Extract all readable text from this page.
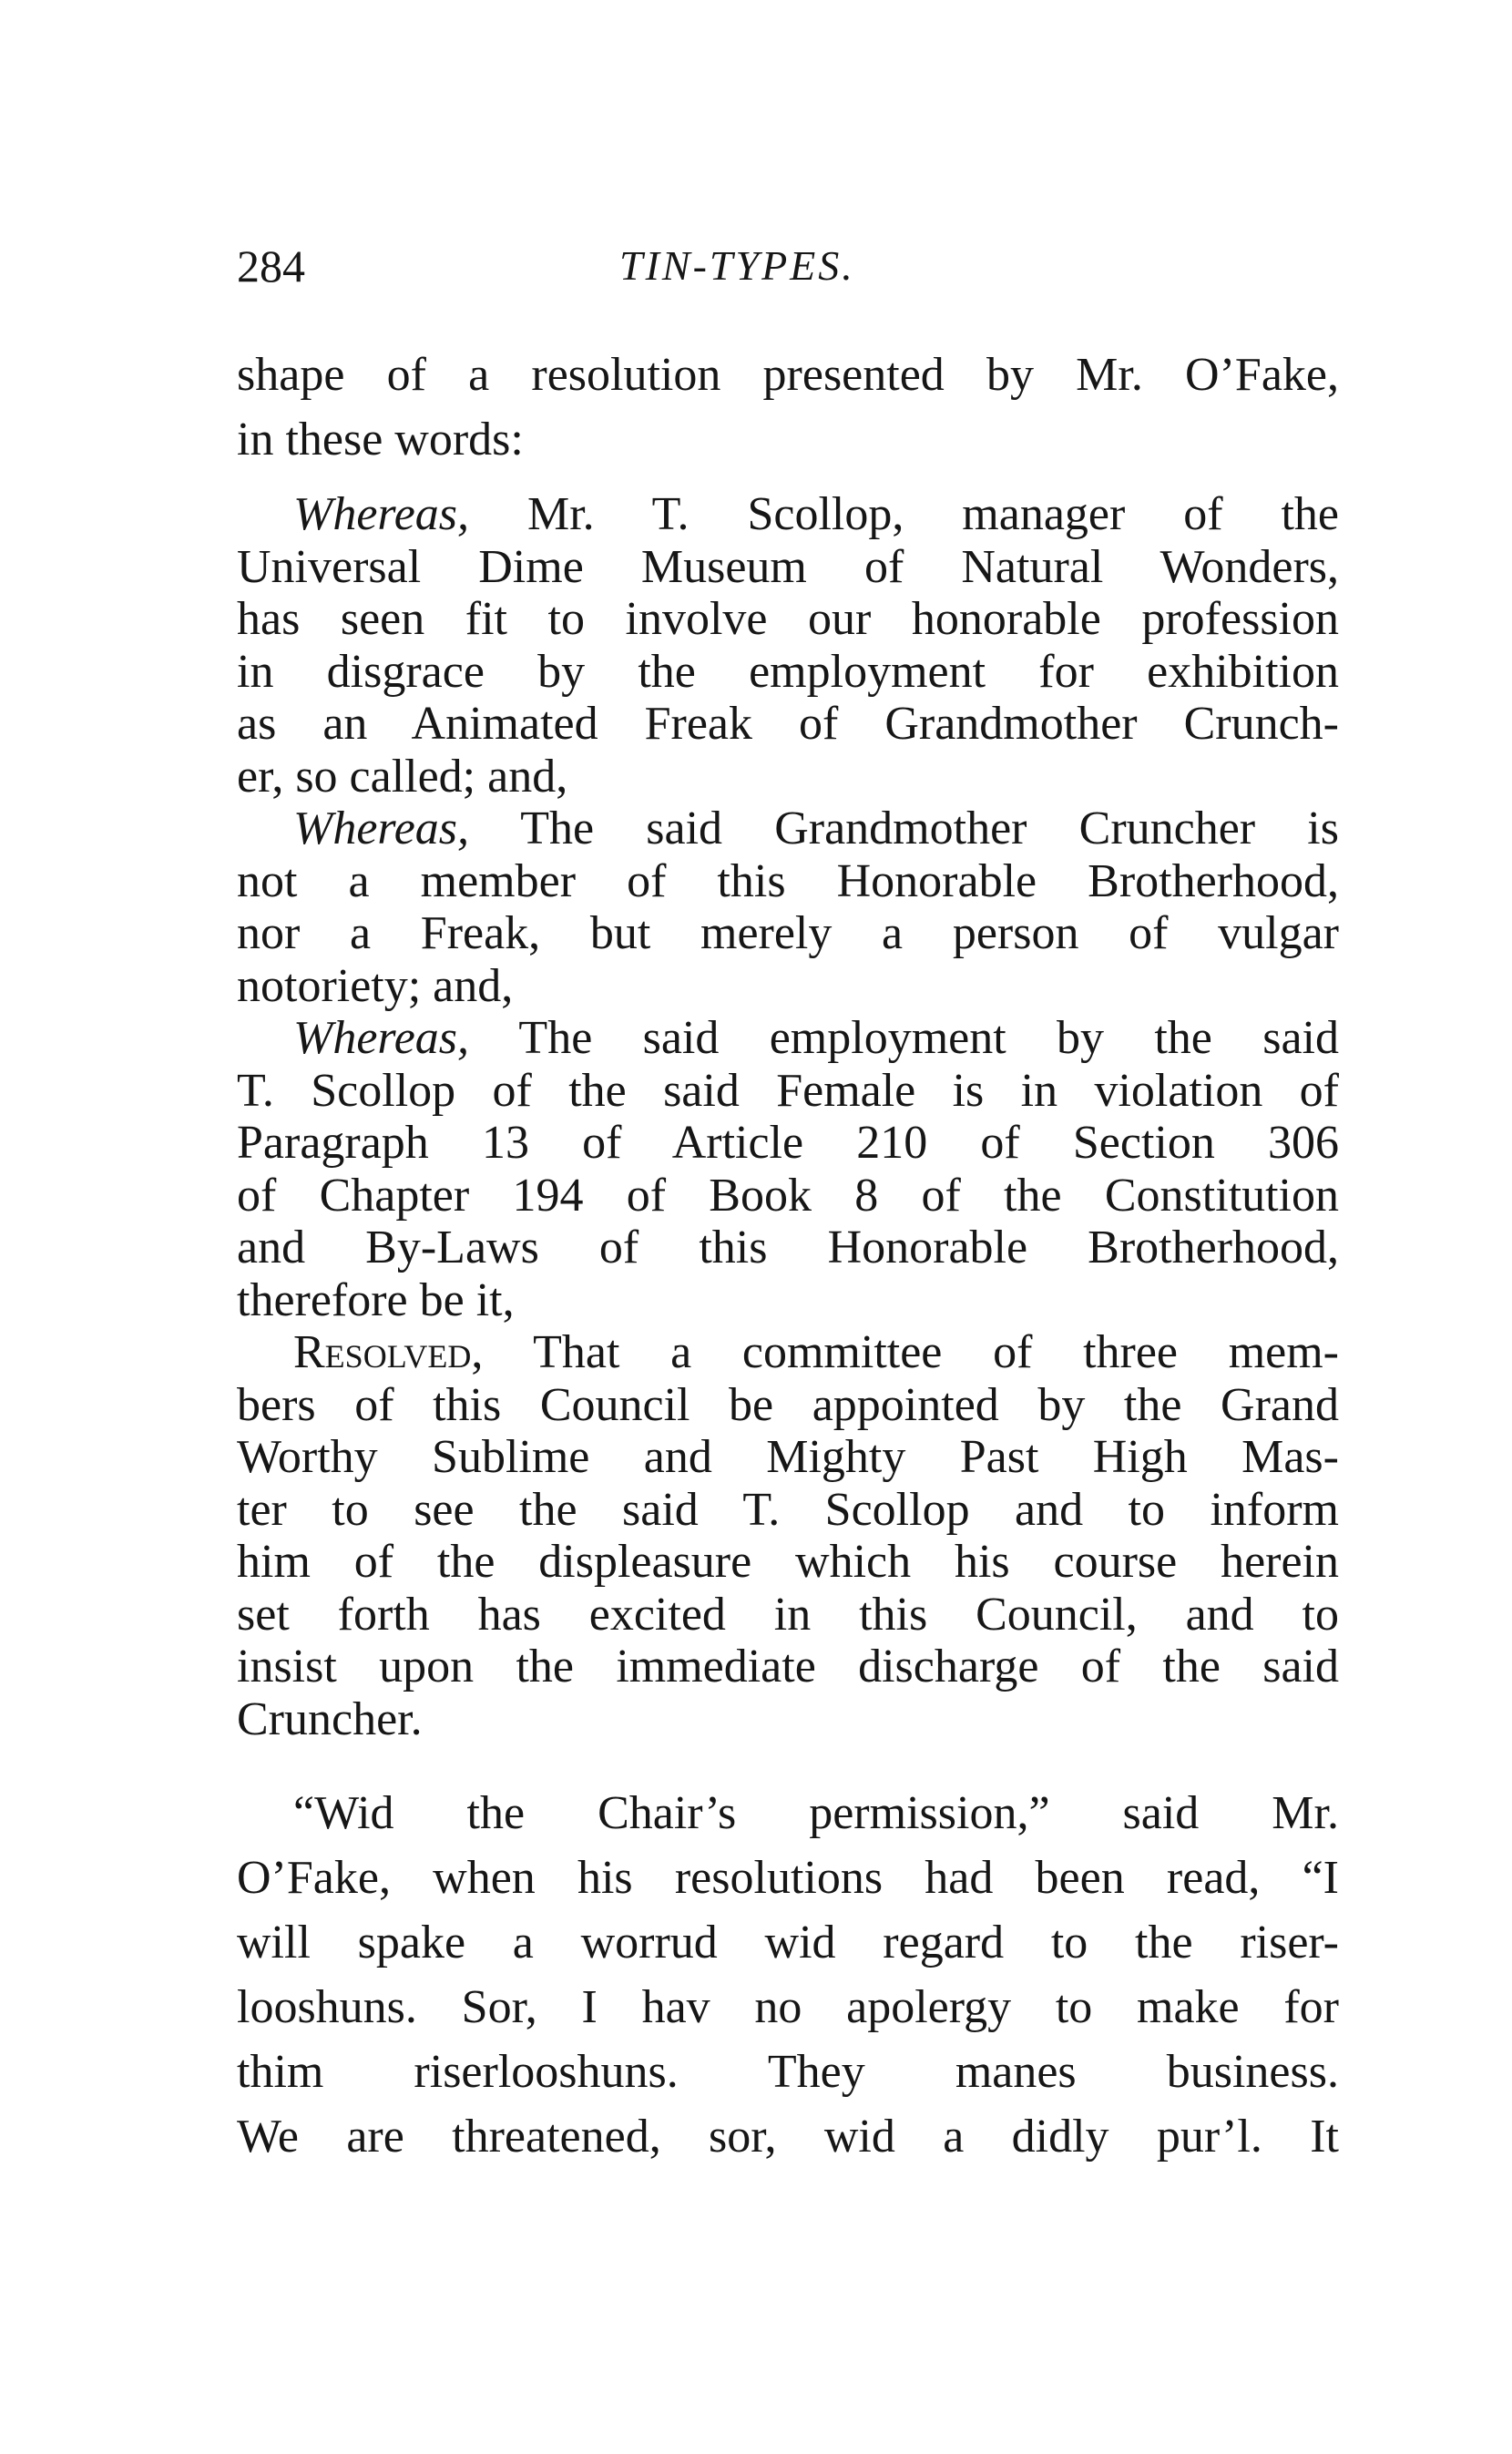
284	TIN-TYPES.
shape of a resolution presented by Mr. O’Fake,
in these words:
Whereas, Mr. T. Scollop, manager of the
Universal Dime Museum of Natural Wonders,
has seen fit to involve our honorable profession
in disgrace by the employment for exhibition
as an Animated Freak of Grandmother Crunch-
er, so called; and,
Whereas, The said Grandmother Cruncher is
not a member of this Honorable Brotherhood,
nor a Freak, but merely a person of vulgar
notoriety; and,
Whereas, The said employment by the said
T. Scollop of the said Female is in violation of
Paragraph 13 of Article 210 of Section 306
of Chapter 194 of Book 8 of the Constitution
and By-Laws of this Honorable Brotherhood,
therefore be it,
Resolved, That a committee of three mem-
bers of this Council be appointed by the Grand
Worthy Sublime and Mighty Past High Mas-
ter to see the said T. Scollop and to inform
him of the displeasure which his course herein
set forth has excited in this Council, and to
insist upon the immediate discharge of the said
Cruncher.
“Wid the Chair’s permission,” said Mr.
O’Fake, when his resolutions had been read, “I
will spake a worrud wid regard to the riser-
looshuns. Sor, I hav no apolergy to make for
thim riserlooshuns. They manes business.
We are threatened, sor, wid a didly pur’l. It
